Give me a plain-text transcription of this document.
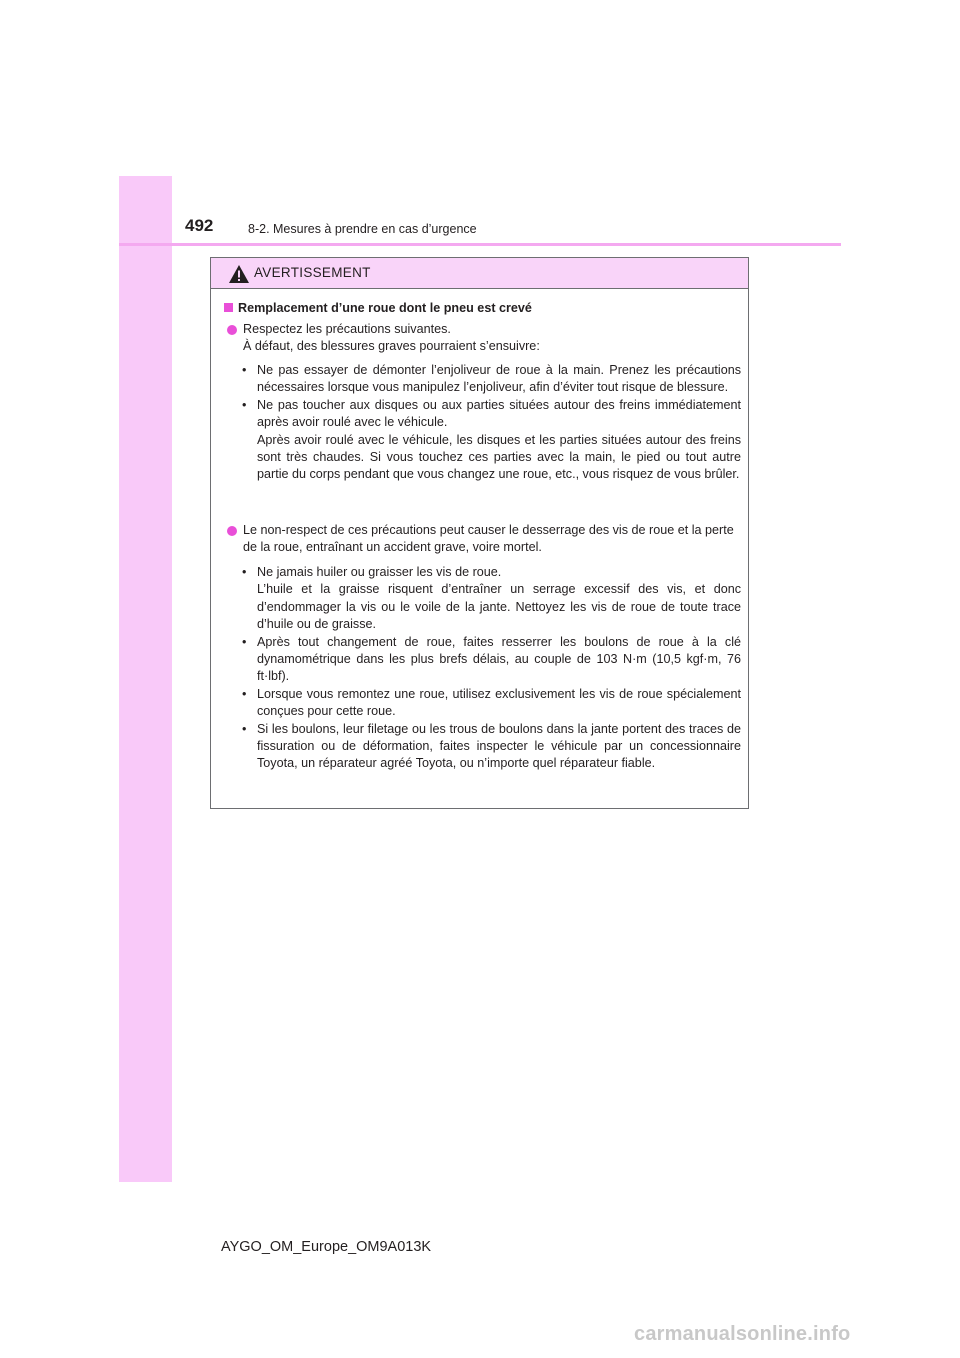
492	8-2. Mesures à prendre en cas d’urgence
AVERTISSEMENT
Remplacement d’une roue dont le pneu est crevé

Respectez les précautions suivantes.

À défaut, des blessures graves pourraient s’ensuivre:

• Ne pas essayer de démonter l’enjoliveur de roue à la main. Prenez les précautions nécessaires lorsque vous manipulez l’enjoliveur, afin d’éviter tout risque de blessure.

• Ne pas toucher aux disques ou aux parties situées autour des freins immédiatement après avoir roulé avec le véhicule.

Après avoir roulé avec le véhicule, les disques et les parties situées autour des freins sont très chaudes. Si vous touchez ces parties avec la main, le pied ou tout autre partie du corps pendant que vous changez une roue, etc., vous risquez de vous brûler.

Le non-respect de ces précautions peut causer le desserrage des vis de roue et la perte de la roue, entraînant un accident grave, voire mortel.

• Ne jamais huiler ou graisser les vis de roue.

L’huile et la graisse risquent d’entraîner un serrage excessif des vis, et donc d’endommager la vis ou le voile de la jante. Nettoyez les vis de roue de toute trace d’huile ou de graisse.

• Après tout changement de roue, faites resserrer les boulons de roue à la clé dynamométrique dans les plus brefs délais, au couple de 103 N·m (10,5 kgf·m, 76 ft·lbf).

• Lorsque vous remontez une roue, utilisez exclusivement les vis de roue spécialement conçues pour cette roue.

• Si les boulons, leur filetage ou les trous de boulons dans la jante portent des traces de fissuration ou de déformation, faites inspecter le véhicule par un concessionnaire Toyota, un réparateur agréé Toyota, ou n’importe quel réparateur fiable.

AYGO_OM_Europe_OM9A013K
carmanualsonline.info
